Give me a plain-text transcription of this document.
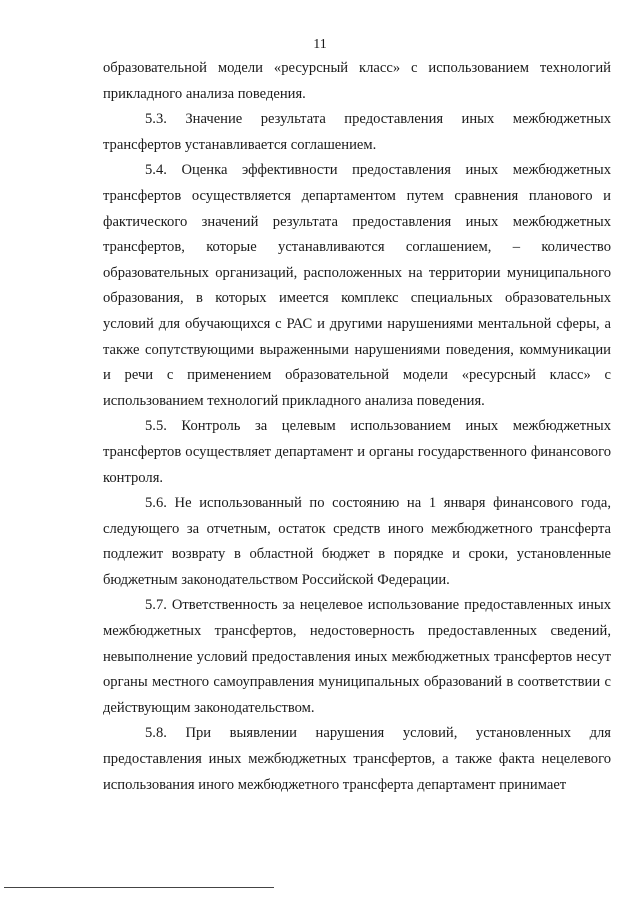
11

образовательной модели «ресурсный класс» с использованием технологий прикладного анализа поведения.

5.3. Значение результата предоставления иных межбюджетных трансфертов устанавливается соглашением.

5.4. Оценка эффективности предоставления иных межбюджетных трансфертов осуществляется департаментом путем сравнения планового и фактического значений результата предоставления иных межбюджетных трансфертов, которые устанавливаются соглашением, – количество образовательных организаций, расположенных на территории муниципального образования, в которых имеется комплекс специальных образовательных условий для обучающихся с РАС и другими нарушениями ментальной сферы, а также сопутствующими выраженными нарушениями поведения, коммуникации и речи с применением образовательной модели «ресурсный класс» с использованием технологий прикладного анализа поведения.

5.5. Контроль за целевым использованием иных межбюджетных трансфертов осуществляет департамент и органы государственного финансового контроля.

5.6. Не использованный по состоянию на 1 января финансового года, следующего за отчетным, остаток средств иного межбюджетного трансферта подлежит возврату в областной бюджет в порядке и сроки, установленные бюджетным законодательством Российской Федерации.

5.7. Ответственность за нецелевое использование предоставленных иных межбюджетных трансфертов, недостоверность предоставленных сведений, невыполнение условий предоставления иных межбюджетных трансфертов несут органы местного самоуправления муниципальных образований в соответствии с действующим законодательством.

5.8. При выявлении нарушения условий, установленных для предоставления иных межбюджетных трансфертов, а также факта нецелевого использования иного межбюджетного трансферта департамент принимает
